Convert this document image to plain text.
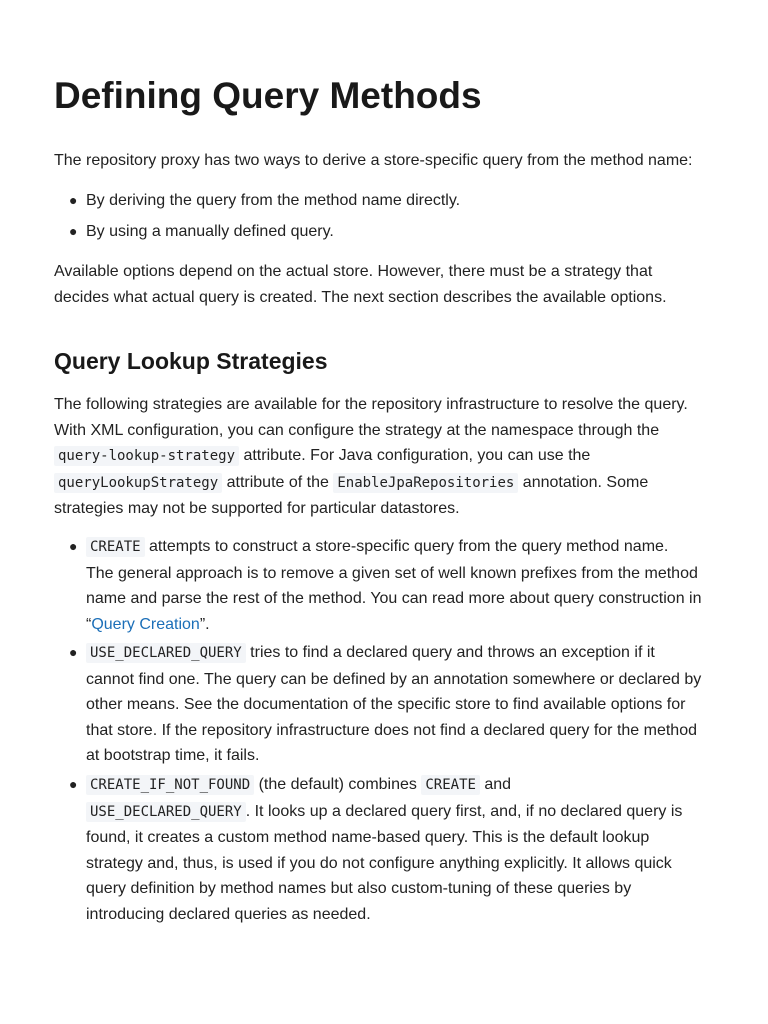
Defining Query Methods

The repository proxy has two ways to derive a store-specific query from the method name:

● By deriving the query from the method name directly.
● By using a manually defined query.

Available options depend on the actual store. However, there must be a strategy that
decides what actual query is created. The next section describes the available options.

Query Lookup Strategies

The following strategies are available for the repository infrastructure to resolve the query.
With XML configuration, you can configure the strategy at the namespace through the
query-lookup-strategy attribute. For Java configuration, you can use the
queryLookupStrategy attribute of the EnableJpaRepositories annotation. Some
strategies may not be supported for particular datastores.

● CREATE attempts to construct a store-specific query from the query method name.
The general approach is to remove a given set of well known prefixes from the method
name and parse the rest of the method. You can read more about query construction in
“Query Creation”.
● USE_DECLARED_QUERY tries to find a declared query and throws an exception if it
cannot find one. The query can be defined by an annotation somewhere or declared by
other means. See the documentation of the specific store to find available options for
that store. If the repository infrastructure does not find a declared query for the method
at bootstrap time, it fails.
● CREATE_IF_NOT_FOUND (the default) combines CREATE and
USE_DECLARED_QUERY . It looks up a declared query first, and, if no declared query is
found, it creates a custom method name-based query. This is the default lookup
strategy and, thus, is used if you do not configure anything explicitly. It allows quick
query definition by method names but also custom-tuning of these queries by
introducing declared queries as needed.
